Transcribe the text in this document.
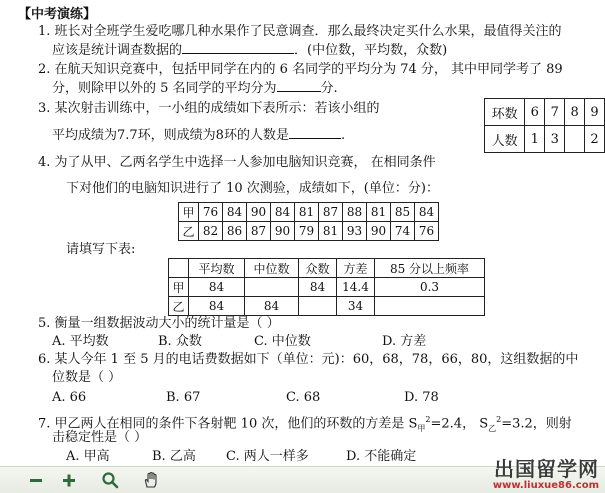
【中考演练】
1. 班长对全班学生爱吃哪几种水果作了民意调查．那么最终决定买什么水果，最值得关注的
应该是统计调查数据的	．(中位数，平均数，众数)
2. 在航天知识竞赛中，包括甲同学在内的 6 名同学的平均分为 74 分， 其中甲同学考了 89
分，则除甲以外的 5 名同学的平均分为	分.
3. 某次射击训练中，一小组的成绩如下表所示：若该小组的
平均成绩为7.7环，则成绩为8环的人数是	.
环数	6	7	8	9
人数	1	3		2
4. 为了从甲、乙两名学生中选择一人参加电脑知识竞赛， 在相同条件
下对他们的电脑知识进行了 10 次测验，成绩如下，(单位：分)：
甲	76	84	90	84	81	87	88	81	85	84
乙	82	86	87	90	79	81	93	90	74	76
请填写下表:
	平均数	中位数	众数	方差	85 分以上频率
甲	84		84	14.4	0.3
乙	84	84		34	
5. 衡量一组数据波动大小的统计量是（ ）
A. 平均数	B. 众数	C. 中位数	D. 方差
6. 某人今年 1 至 5 月的电话费数据如下（单位：元)：60，68，78，66，80，这组数据的中
位数是（ ）
A. 66	B. 67	C. 68	D. 78
7. 甲乙两人在相同的条件下各射靶 10 次，他们的环数的方差是 $S_甲^2=2.4$， $S_乙^2=3.2$，则射
击稳定性是（ ）
A. 甲高	B. 乙高 C. 两人一样多	D. 不能确定
出国留学网
www.liuxue86.com
